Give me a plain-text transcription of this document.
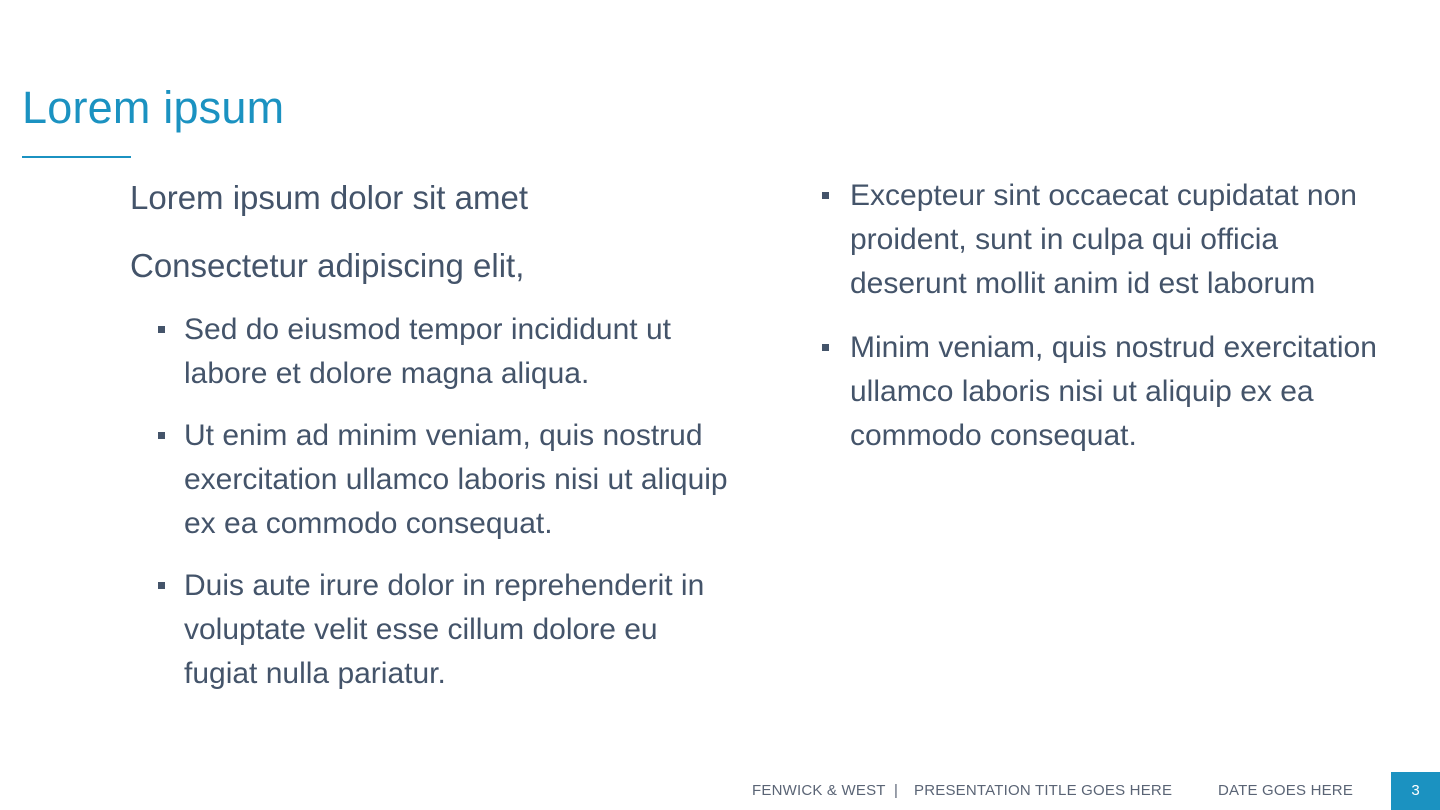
Lorem ipsum

Lorem ipsum dolor sit amet

Consectetur adipiscing elit,

Sed do eiusmod tempor incididunt ut labore et dolore magna aliqua.
Ut enim ad minim veniam, quis nostrud exercitation ullamco laboris nisi ut aliquip ex ea commodo consequat.
Duis aute irure dolor in reprehenderit in voluptate velit esse cillum dolore eu fugiat nulla pariatur.
Excepteur sint occaecat cupidatat non proident, sunt in culpa qui officia deserunt mollit anim id est laborum
Minim veniam, quis nostrud exercitation ullamco laboris nisi ut aliquip ex ea commodo consequat.
FENWICK & WEST | PRESENTATION TITLE GOES HERE	DATE GOES HERE	3
